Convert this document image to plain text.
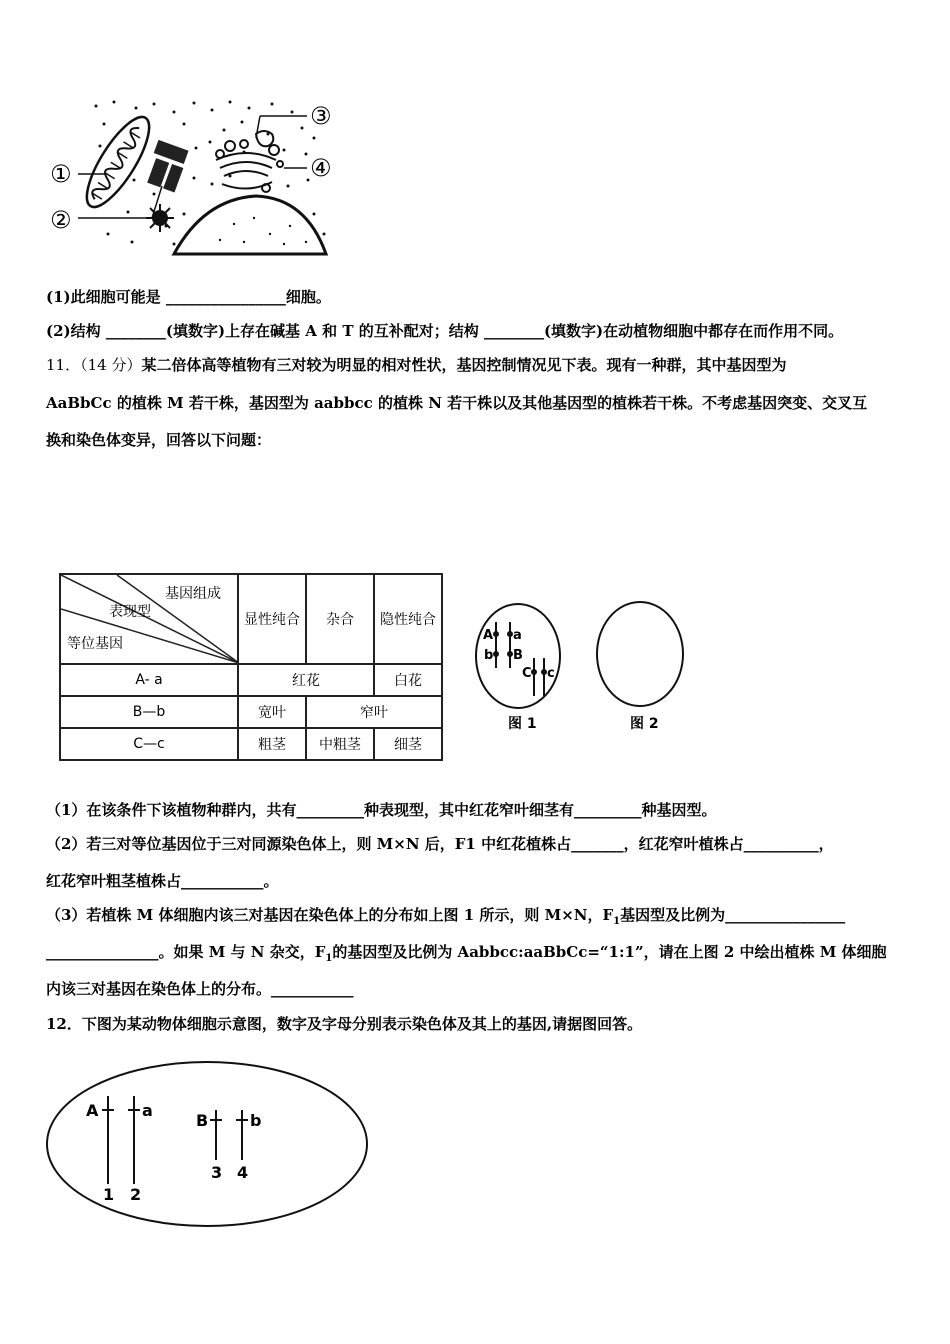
①
②
③
④
(1)此细胞可能是 ________________细胞。
(2)结构 ________(填数字)上存在碱基 A 和 T 的互补配对；结构 ________(填数字)在动植物细胞中都存在而作用不同。
11．（14 分）某二倍体高等植物有三对较为明显的相对性状，基因控制情况见下表。现有一种群，其中基因型为
AaBbCc 的植株 M 若干株，基因型为 aabbcc 的植株 N 若干株以及其他基因型的植株若干株。不考虑基因突变、交叉互
换和染色体变异，回答以下问题：
基因组成
表现型
等位基因	显性纯合	杂合	隐性纯合
A- a	红花		白花
B—b	宽叶	窄叶	
C—c	粗茎	中粗茎	细茎
A a
b B
C c
图 1	图 2
（1）在该条件下该植物种群内，共有_________种表现型，其中红花窄叶细茎有_________种基因型。
（2）若三对等位基因位于三对同源染色体上，则 M×N 后，F1 中红花植株占_______，红花窄叶植株占__________，
红花窄叶粗茎植株占___________。
（3）若植株 M 体细胞内该三对基因在染色体上的分布如上图 1 所示，则 M×N，$F_1$基因型及比例为________________
_______________。如果 M 与 N 杂交，$F_1$的基因型及比例为 Aabbcc:aaBbCc=“1:1”，请在上图 2 中绘出植株 M 体细胞
内该三对基因在染色体上的分布。___________
12．下图为某动物体细胞示意图，数字及字母分别表示染色体及其上的基因,请据图回答。
A	a
B	b
1 2
3 4
